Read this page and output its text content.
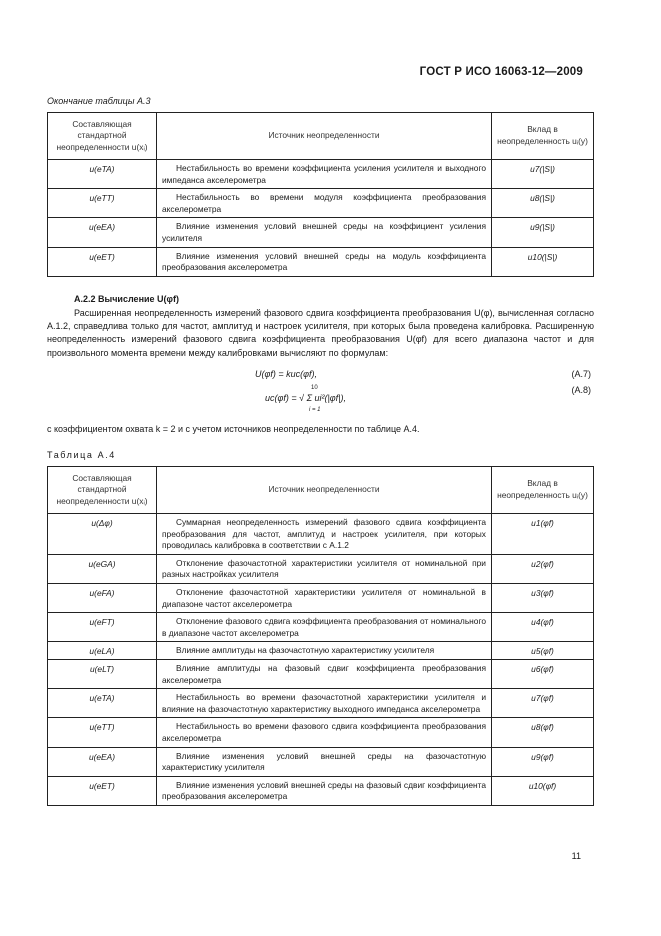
ГОСТ Р ИСО 16063-12—2009
Окончание таблицы А.3
Составляющая стандартной неопределенности u(xᵢ)	Источник неопределенности	Вклад в неопределенность uᵢ(y)
u(eTA)	Нестабильность во времени коэффициента усиления усилителя и выходного импеданса акселерометра	u7(|S|)
u(eTT)	Нестабильность во времени модуля коэффициента преобразования акселерометра	u8(|S|)
u(eEA)	Влияние изменения условий внешней среды на коэффициент усиления усилителя	u9(|S|)
u(eET)	Влияние изменения условий внешней среды на модуль коэффициента преобразования акселерометра	u10(|S|)
А.2.2 Вычисление U(φf)
Расширенная неопределенность измерений фазового сдвига коэффициента преобразования U(φ), вычисленная согласно А.1.2, справедлива только для частот, амплитуд и настроек усилителя, при которых была проведена калибровка. Расширенную неопределенность измерений фазового сдвига коэффициента преобразования U(φf) для всего диапазона частот и для произвольного момента времени между калибровками вычисляют по формулам:
U(φf) = kuc(φf),	(А.7)
uc(φf) = √ Σ ui²(|φf|),
10
i = 1
(А.8)
с коэффициентом охвата k = 2 и с учетом источников неопределенности по таблице А.4.
Таблица А.4
Составляющая стандартной неопределенности u(xᵢ)	Источник неопределенности	Вклад в неопределенность uᵢ(y)
u(Δφ)	Суммарная неопределенность измерений фазового сдвига коэффициента преобразования для частот, амплитуд и настроек усилителя, при которых проводилась калибровка в соответствии с А.1.2	u1(φf)
u(eGA)	Отклонение фазочастотной характеристики усилителя от номинальной при разных настройках усилителя	u2(φf)
u(eFA)	Отклонение фазочастотной характеристики усилителя от номинальной в диапазоне частот акселерометра	u3(φf)
u(eFT)	Отклонение фазового сдвига коэффициента преобразования от номинального в диапазоне частот акселерометра	u4(φf)
u(eLA)	Влияние амплитуды на фазочастотную характеристику усилителя	u5(φf)
u(eLT)	Влияние амплитуды на фазовый сдвиг коэффициента преобразования акселерометра	u6(φf)
u(eTA)	Нестабильность во времени фазочастотной характеристики усилителя и влияние на фазочастотную характеристику выходного импеданса акселерометра	u7(φf)
u(eTT)	Нестабильность во времени фазового сдвига коэффициента преобразования акселерометра	u8(φf)
u(eEA)	Влияние изменения условий внешней среды на фазочастотную характеристику усилителя	u9(φf)
u(eET)	Влияние изменения условий внешней среды на фазовый сдвиг коэффициента преобразования акселерометра	u10(φf)
11
